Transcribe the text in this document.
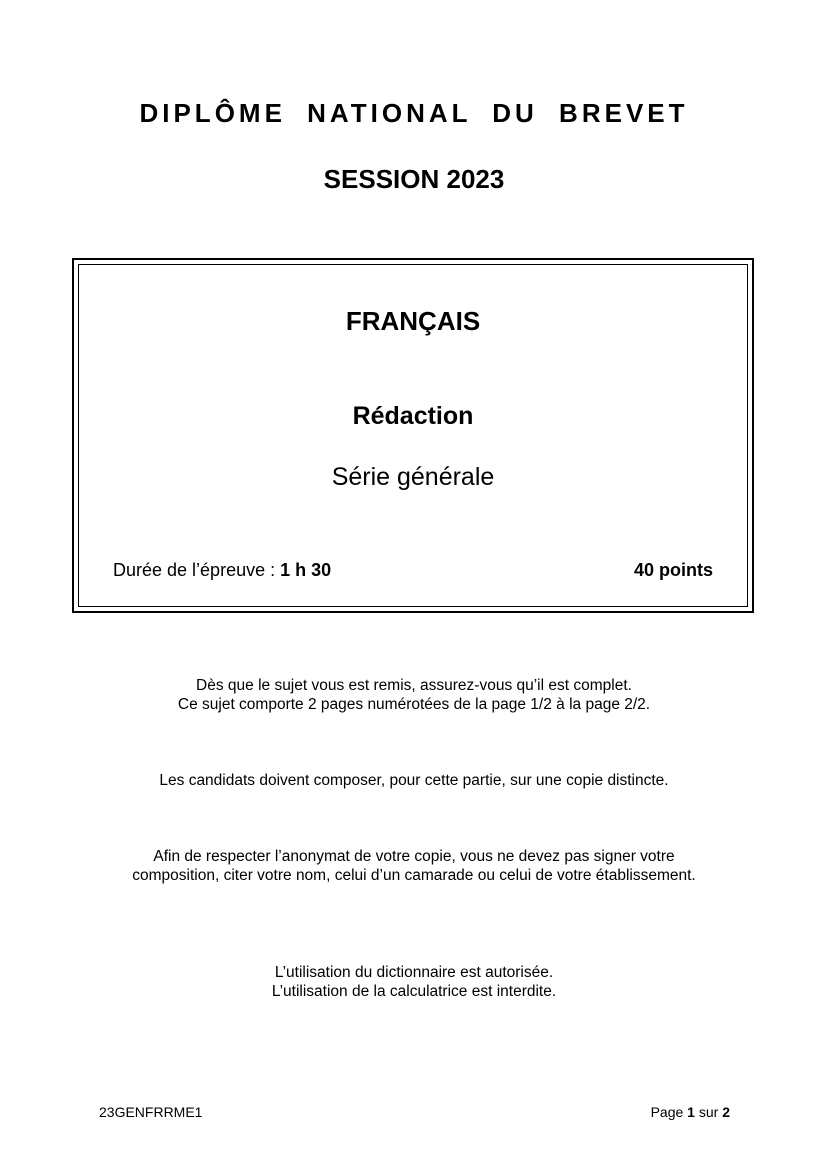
DIPLÔME NATIONAL DU BREVET
SESSION 2023
FRANÇAIS
Rédaction
Série générale
Durée de l’épreuve : 1 h 30	40 points
Dès que le sujet vous est remis, assurez-vous qu’il est complet.
Ce sujet comporte 2 pages numérotées de la page 1/2 à la page 2/2.
Les candidats doivent composer, pour cette partie, sur une copie distincte.
Afin de respecter l’anonymat de votre copie, vous ne devez pas signer votre
composition, citer votre nom, celui d’un camarade ou celui de votre établissement.
L’utilisation du dictionnaire est autorisée.
L’utilisation de la calculatrice est interdite.
23GENFRRME1	Page 1 sur 2
